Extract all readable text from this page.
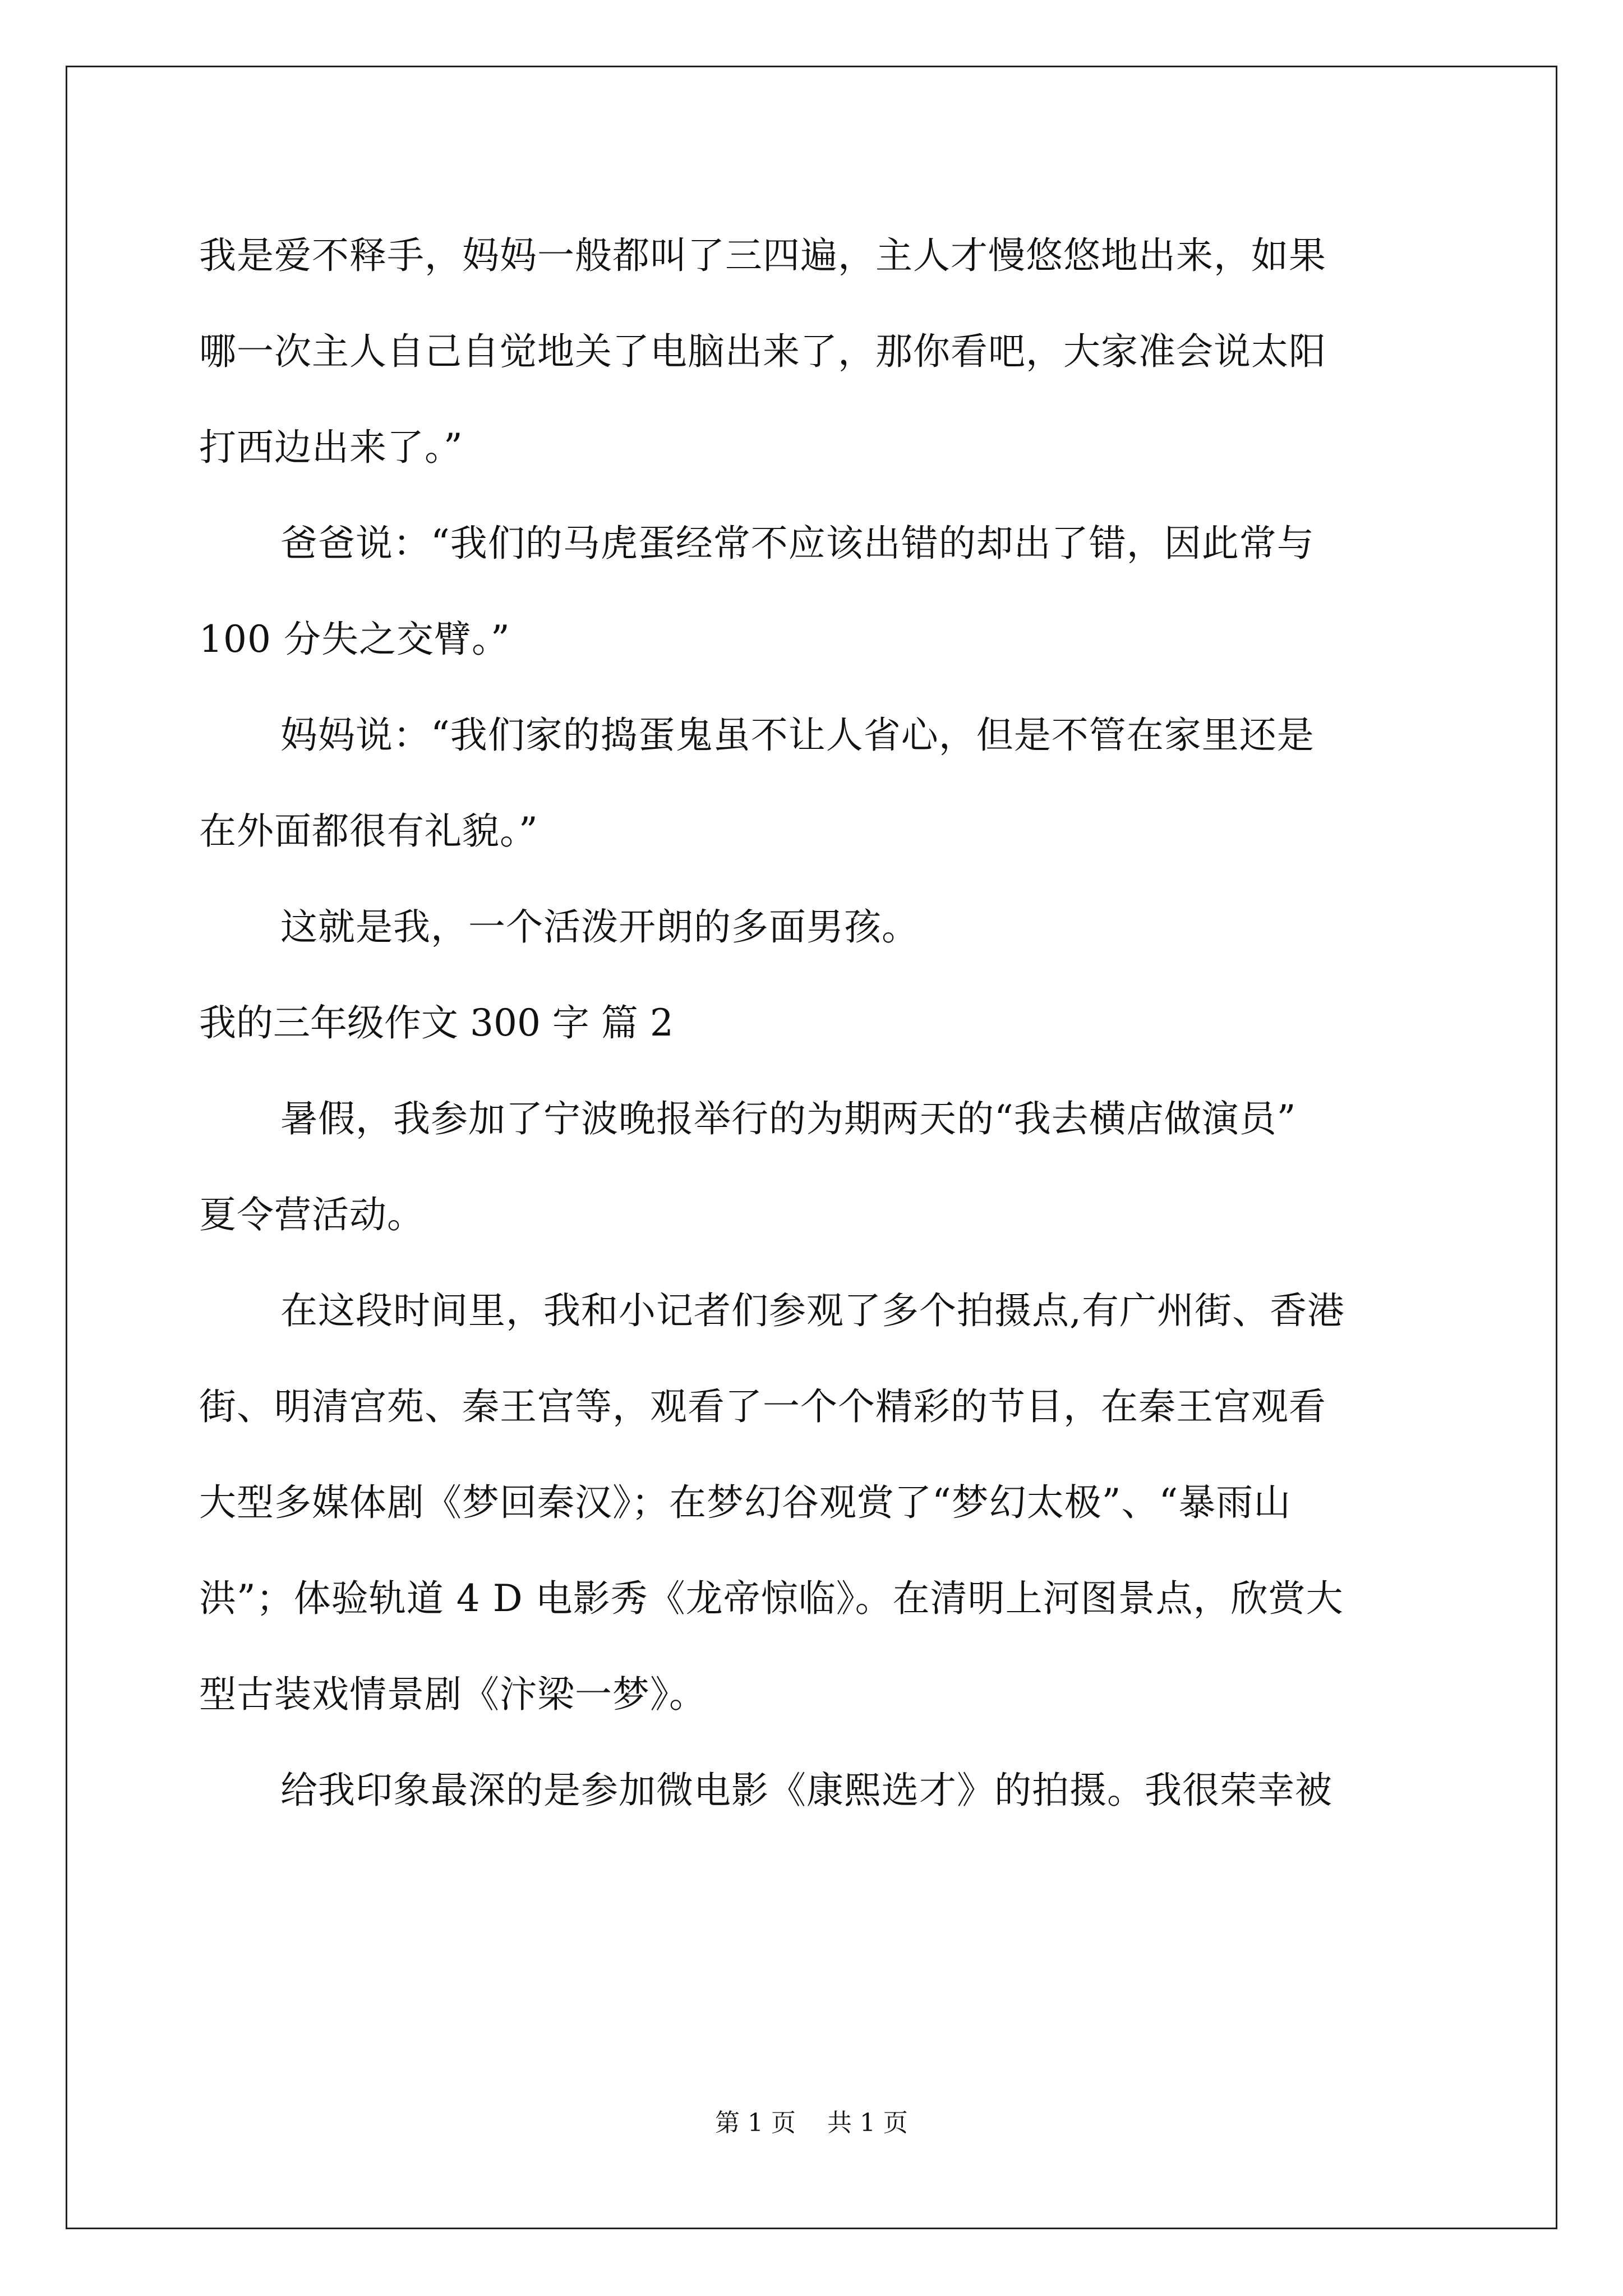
我是爱不释手，妈妈一般都叫了三四遍，主人才慢悠悠地出来，如果
哪一次主人自己自觉地关了电脑出来了，那你看吧，大家准会说太阳
打西边出来了。”
爸爸说：“我们的马虎蛋经常不应该出错的却出了错，因此常与
100 分失之交臂。”
妈妈说：“我们家的捣蛋鬼虽不让人省心，但是不管在家里还是
在外面都很有礼貌。”
这就是我，一个活泼开朗的多面男孩。
我的三年级作文 300 字 篇 2
暑假，我参加了宁波晚报举行的为期两天的“我去横店做演员”
夏令营活动。
在这段时间里，我和小记者们参观了多个拍摄点,有广州街、香港
街、明清宫苑、秦王宫等，观看了一个个精彩的节目，在秦王宫观看
大型多媒体剧《梦回秦汉》；在梦幻谷观赏了“梦幻太极”、“暴雨山
洪”；体验轨道 4 D 电影秀《龙帝惊临》。在清明上河图景点，欣赏大
型古装戏情景剧《汴梁一梦》。
给我印象最深的是参加微电影《康熙选才》的拍摄。我很荣幸被
第 1 页    共 1 页
